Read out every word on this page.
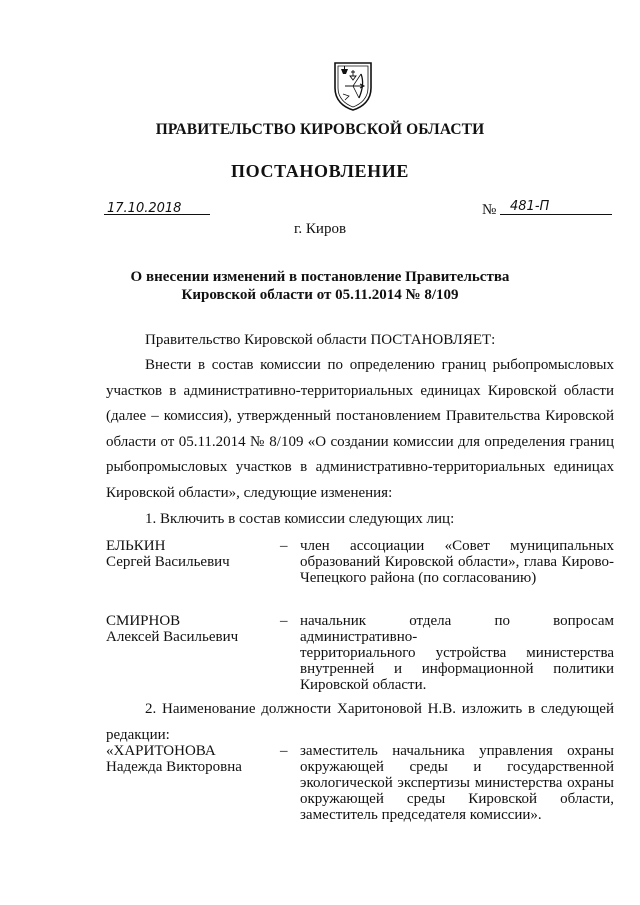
ПРАВИТЕЛЬСТВО КИРОВСКОЙ ОБЛАСТИ
ПОСТАНОВЛЕНИЕ
17.10.2018	№ 481-П
г. Киров
О внесении изменений в постановление Правительства
Кировской области от 05.11.2014 № 8/109
Правительство Кировской области ПОСТАНОВЛЯЕТ:
Внести в состав комиссии по определению границ рыбопромысловых участков в административно-территориальных единицах Кировской области (далее – комиссия), утвержденный постановлением Правительства Кировской области от 05.11.2014 № 8/109 «О создании комиссии для определения границ рыбопромысловых участков в административно-территориальных единицах Кировской области», следующие изменения:
1. Включить в состав комиссии следующих лиц:
ЕЛЬКИН
Сергей Васильевич
– член ассоциации «Совет муниципальных
образований Кировской области», глава Кирово-
Чепецкого района (по согласованию)
СМИРНОВ
Алексей Васильевич
– начальник отдела по вопросам административно-
территориального устройства министерства
внутренней и информационной политики
Кировской области.
2. Наименование должности Харитоновой Н.В. изложить в следующей редакции:
«ХАРИТОНОВА
Надежда Викторовна
– заместитель начальника управления охраны
окружающей среды и государственной
экологической экспертизы министерства охраны
окружающей среды Кировской области,
заместитель председателя комиссии».
